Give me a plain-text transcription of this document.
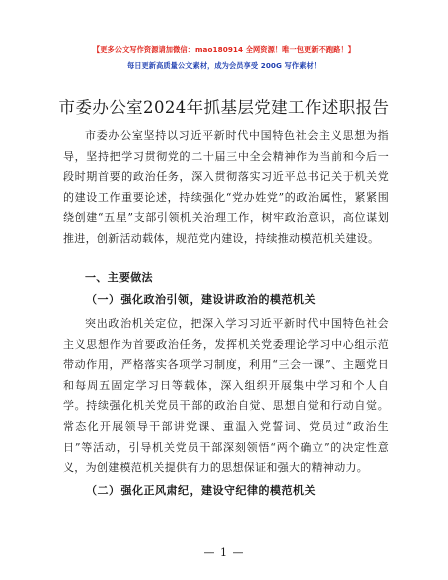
【更多公文写作资源请加微信：mao180914 全网资源！唯一包更新不跑路！】
每日更新高质量公文素材，成为会员享受 200G 写作素材！
市委办公室2024年抓基层党建工作述职报告
市委办公室坚持以习近平新时代中国特色社会主义思想为指导，坚持把学习贯彻党的二十届三中全会精神作为当前和今后一段时期首要的政治任务，深入贯彻落实习近平总书记关于机关党的建设工作重要论述，持续强化“党办姓党”的政治属性，紧紧围绕创建“五星”支部引领机关治理工作，树牢政治意识，高位谋划推进，创新活动载体，规范党内建设，持续推动模范机关建设。
一、主要做法
（一）强化政治引领，建设讲政治的模范机关
突出政治机关定位，把深入学习习近平新时代中国特色社会主义思想作为首要政治任务，发挥机关党委理论学习中心组示范带动作用，严格落实各项学习制度，利用“三会一课”、主题党日和每周五固定学习日等载体，深入组织开展集中学习和个人自学。持续强化机关党员干部的政治自觉、思想自觉和行动自觉。常态化开展领导干部讲党课、重温入党誓词、党员过“政治生日”等活动，引导机关党员干部深刻领悟“两个确立”的决定性意义，为创建模范机关提供有力的思想保证和强大的精神动力。
（二）强化正风肃纪，建设守纪律的模范机关
— 1 —
